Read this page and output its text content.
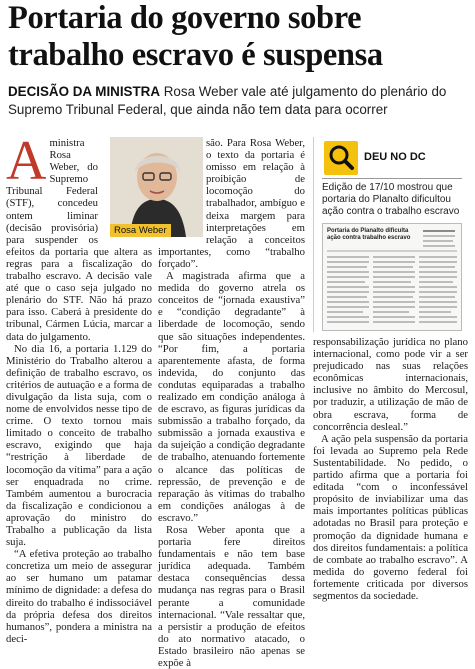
Portaria do governo sobre trabalho escravo é suspensa
DECISÃO DA MINISTRA Rosa Weber vale até julgamento do plenário do Supremo Tribunal Federal, que ainda não tem data para ocorrer
A ministra Rosa Weber, do Supremo Tribunal Federal (STF), concedeu ontem liminar (decisão provisória) para suspender os efeitos da portaria que altera as regras para a fiscalização do trabalho escravo. A decisão vale até que o caso seja julgado no plenário do STF. Não há prazo para isso. Caberá à presidente do tribunal, Cármen Lúcia, marcar a data do julgamento.

No dia 16, a portaria 1.129 do Ministério do Trabalho alterou a definição de trabalho escravo, os critérios de autuação e a forma de divulgação da lista suja, com o nome de envolvidos nesse tipo de crime. O texto tornou mais limitado o conceito de trabalho escravo, exigindo que haja “restrição à liberdade de locomoção da vítima” para a ação ser enquadrada no crime. Também aumentou a burocracia da fiscalização e condicionou a aprovação do ministro do Trabalho a publicação da lista suja.

“A efetiva proteção ao trabalho concretiza um meio de assegurar ao ser humano um patamar mínimo de dignidade: a defesa do direito do trabalho é indissociável da própria defesa dos direitos humanos”, pondera a ministra na deci-

Rosa Weber

são. Para Rosa Weber, o texto da portaria é omisso em relação à proibição de locomoção do trabalhador, ambíguo e deixa margem para interpretações em relação a conceitos importantes, como “trabalho forçado”.

A magistrada afirma que a medida do governo atrela os conceitos de “jornada exaustiva” e “condição degradante” à liberdade de locomoção, sendo que são situações independentes. “Por fim, a portaria aparentemente afasta, de forma indevida, do conjunto das condutas equiparadas a trabalho realizado em condição análoga à de escravo, as figuras jurídicas da submissão a trabalho forçado, da submissão a jornada exaustiva e da sujeição a condição degradante de trabalho, atenuando fortemente o alcance das políticas de repressão, de prevenção e de reparação às vítimas do trabalho em condições análogas à de escravo.”

Rosa Weber aponta que a portaria fere direitos fundamentais e não tem base jurídica adequada. Também destaca consequências dessa mudança nas regras para o Brasil perante a comunidade internacional. “Vale ressaltar que, a persistir a produção de efeitos do ato normativo atacado, o Estado brasileiro não apenas se expõe à

DEU NO DC
Edição de 17/10 mostrou que portaria do Planalto dificultou ação contra o trabalho escravo
Portaria do Planalto dificulta ação contra trabalho escravo

responsabilização jurídica no plano internacional, como pode vir a ser prejudicado nas suas relações econômicas internacionais, inclusive no âmbito do Mercosul, por traduzir, a utilização de mão de obra escrava, forma de concorrência desleal.”

A ação pela suspensão da portaria foi levada ao Supremo pela Rede Sustentabilidade. No pedido, o partido afirma que a portaria foi editada “com o inconfessável propósito de inviabilizar uma das mais importantes políticas públicas adotadas no Brasil para proteção e promoção da dignidade humana e dos direitos fundamentais: a política de combate ao trabalho escravo”. A medida do governo federal foi fortemente criticada por diversos segmentos da sociedade.
